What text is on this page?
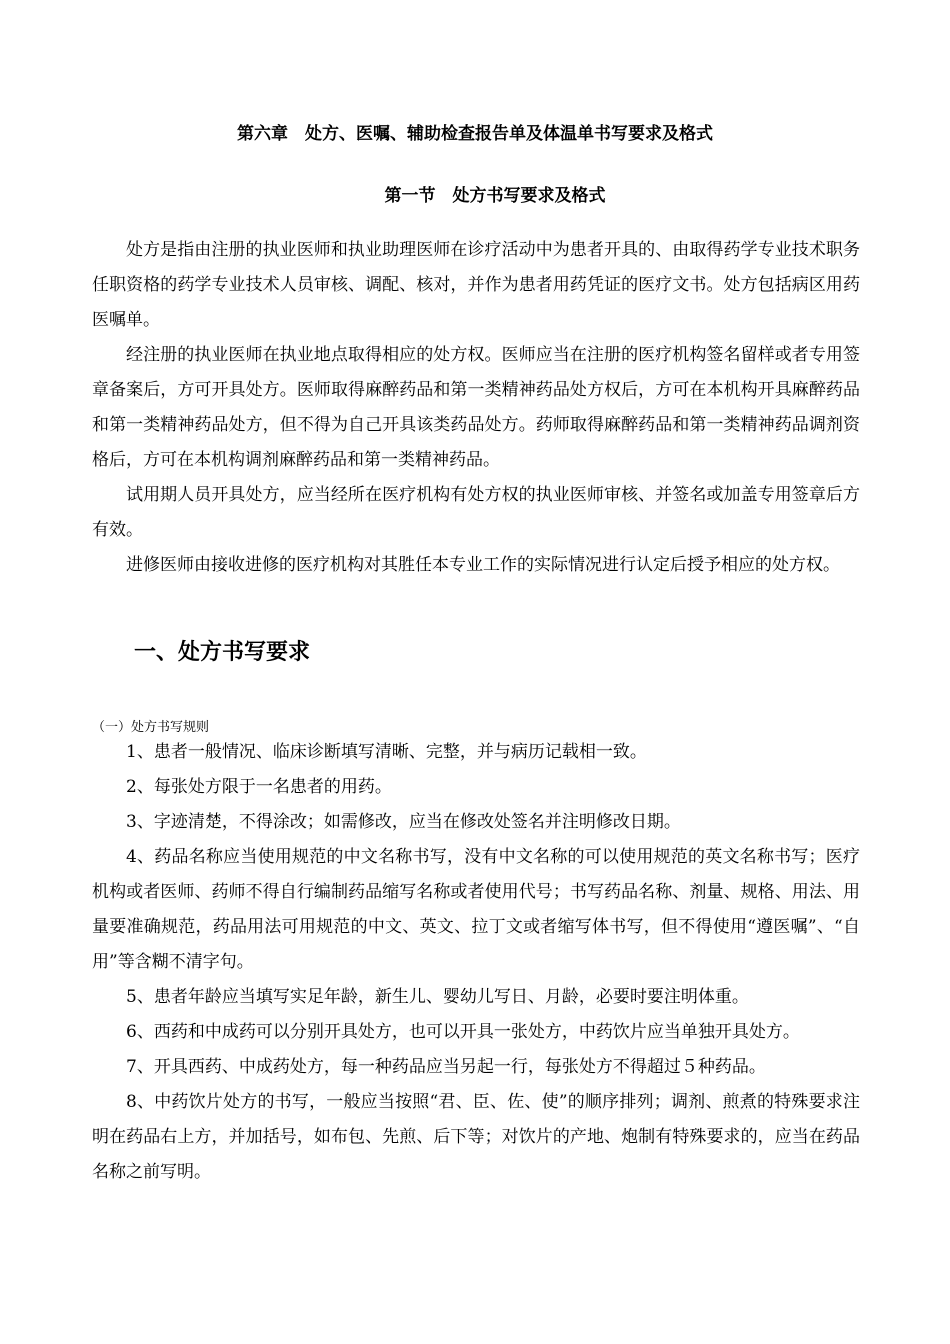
第六章　处方、医嘱、辅助检查报告单及体温单书写要求及格式
第一节　处方书写要求及格式

处方是指由注册的执业医师和执业助理医师在诊疗活动中为患者开具的、由取得药学专业技术职务任职资格的药学专业技术人员审核、调配、核对，并作为患者用药凭证的医疗文书。处方包括病区用药医嘱单。

经注册的执业医师在执业地点取得相应的处方权。医师应当在注册的医疗机构签名留样或者专用签章备案后，方可开具处方。医师取得麻醉药品和第一类精神药品处方权后，方可在本机构开具麻醉药品和第一类精神药品处方，但不得为自己开具该类药品处方。药师取得麻醉药品和第一类精神药品调剂资格后，方可在本机构调剂麻醉药品和第一类精神药品。

试用期人员开具处方，应当经所在医疗机构有处方权的执业医师审核、并签名或加盖专用签章后方有效。

进修医师由接收进修的医疗机构对其胜任本专业工作的实际情况进行认定后授予相应的处方权。

一、处方书写要求
（一）处方书写规则

1、患者一般情况、临床诊断填写清晰、完整，并与病历记载相一致。

2、每张处方限于一名患者的用药。

3、字迹清楚，不得涂改；如需修改，应当在修改处签名并注明修改日期。

4、药品名称应当使用规范的中文名称书写，没有中文名称的可以使用规范的英文名称书写；医疗机构或者医师、药师不得自行编制药品缩写名称或者使用代号；书写药品名称、剂量、规格、用法、用量要准确规范，药品用法可用规范的中文、英文、拉丁文或者缩写体书写，但不得使用“遵医嘱”、“自用”等含糊不清字句。

5、患者年龄应当填写实足年龄，新生儿、婴幼儿写日、月龄，必要时要注明体重。

6、西药和中成药可以分别开具处方，也可以开具一张处方，中药饮片应当单独开具处方。

7、开具西药、中成药处方，每一种药品应当另起一行，每张处方不得超过５种药品。

8、中药饮片处方的书写，一般应当按照“君、臣、佐、使”的顺序排列；调剂、煎煮的特殊要求注明在药品右上方，并加括号，如布包、先煎、后下等；对饮片的产地、炮制有特殊要求的，应当在药品名称之前写明。
